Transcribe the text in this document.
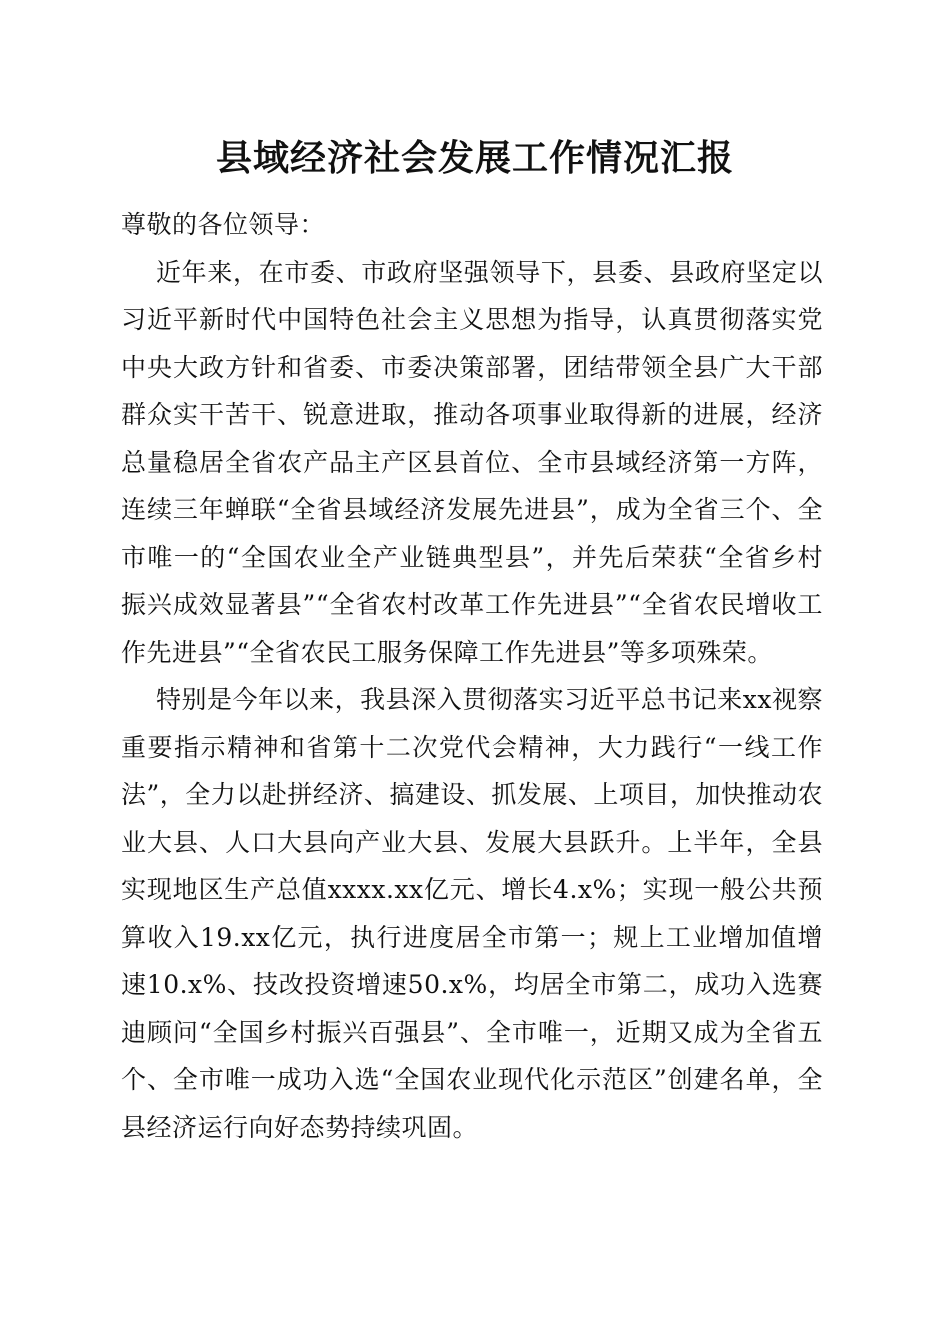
县域经济社会发展工作情况汇报

尊敬的各位领导：

近年来，在市委、市政府坚强领导下，县委、县政府坚定以习近平新时代中国特色社会主义思想为指导，认真贯彻落实党中央大政方针和省委、市委决策部署，团结带领全县广大干部群众实干苦干、锐意进取，推动各项事业取得新的进展，经济总量稳居全省农产品主产区县首位、全市县域经济第一方阵，连续三年蝉联“全省县域经济发展先进县”，成为全省三个、全市唯一的“全国农业全产业链典型县”，并先后荣获“全省乡村振兴成效显著县”“全省农村改革工作先进县”“全省农民增收工作先进县”“全省农民工服务保障工作先进县”等多项殊荣。

特别是今年以来，我县深入贯彻落实习近平总书记来xx视察重要指示精神和省第十二次党代会精神，大力践行“一线工作法”，全力以赴拼经济、搞建设、抓发展、上项目，加快推动农业大县、人口大县向产业大县、发展大县跃升。上半年，全县实现地区生产总值xxxx.xx亿元、增长4.x%；实现一般公共预算收入19.xx亿元，执行进度居全市第一；规上工业增加值增速10.x%、技改投资增速50.x%，均居全市第二，成功入选赛迪顾问“全国乡村振兴百强县”、全市唯一，近期又成为全省五个、全市唯一成功入选“全国农业现代化示范区”创建名单，全县经济运行向好态势持续巩固。
